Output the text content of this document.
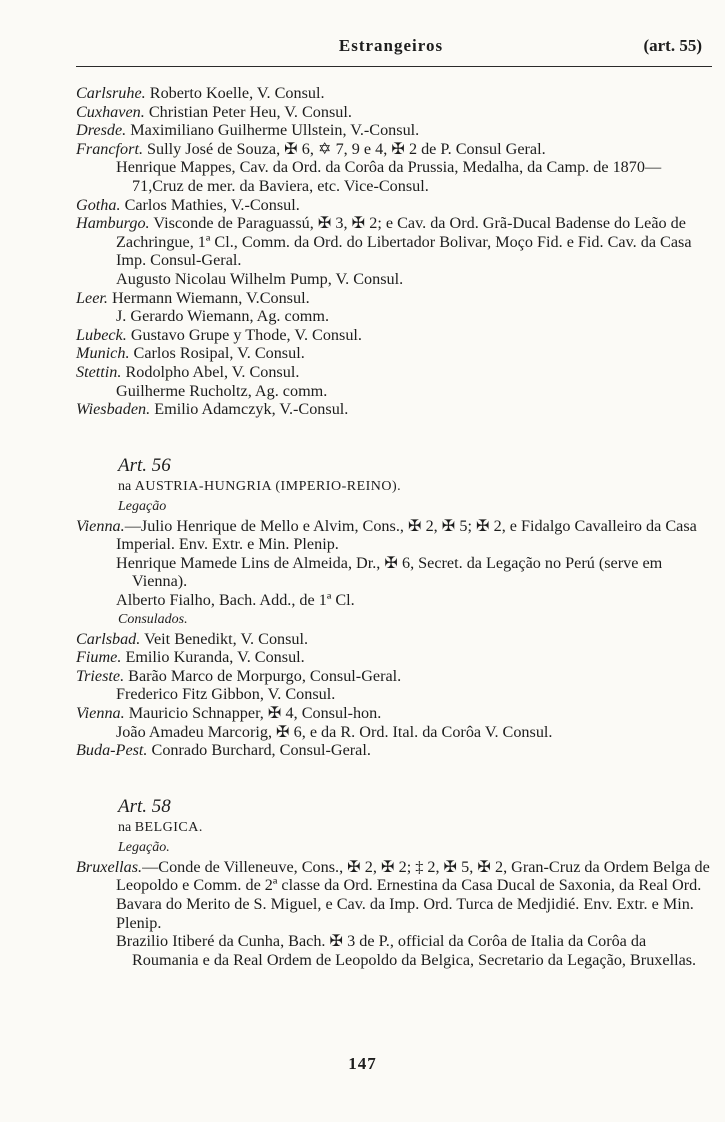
Estrangeiros	(art. 55)
Carlsruhe. Roberto Koelle, V. Consul.
Cuxhaven. Christian Peter Heu, V. Consul.
Dresde. Maximiliano Guilherme Ullstein, V.-Consul.
Francfort. Sully José de Souza, ✠ 6, ✡ 7, 9 e 4, ✠ 2 de P. Consul Geral.
Henrique Mappes, Cav. da Ord. da Corôa da Prussia, Medalha, da Camp. de 1870—71,Cruz de mer. da Baviera, etc. Vice-Consul.
Gotha. Carlos Mathies, V.-Consul.
Hamburgo. Visconde de Paraguassú, ✠ 3, ✠ 2; e Cav. da Ord. Grã-Ducal Badense do Leão de Zachringue, 1ª Cl., Comm. da Ord. do Libertador Bolivar, Moço Fid. e Fid. Cav. da Casa Imp. Consul-Geral.
Augusto Nicolau Wilhelm Pump, V. Consul.
Leer. Hermann Wiemann, V.Consul.
J. Gerardo Wiemann, Ag. comm.
Lubeck. Gustavo Grupe y Thode, V. Consul.
Munich. Carlos Rosipal, V. Consul.
Stettin. Rodolpho Abel, V. Consul.
Guilherme Rucholtz, Ag. comm.
Wiesbaden. Emilio Adamczyk, V.-Consul.
Art. 56
na AUSTRIA-HUNGRIA (IMPERIO-REINO).
Legação
Vienna.—Julio Henrique de Mello e Alvim, Cons., ✠ 2, ✠ 5; ✠ 2, e Fidalgo Cavalleiro da Casa Imperial. Env. Extr. e Min. Plenip.
Henrique Mamede Lins de Almeida, Dr., ✠ 6, Secret. da Legação no Perú (serve em Vienna).
Alberto Fialho, Bach. Add., de 1ª Cl.
Consulados.
Carlsbad. Veit Benedikt, V. Consul.
Fiume. Emilio Kuranda, V. Consul.
Trieste. Barão Marco de Morpurgo, Consul-Geral.
Frederico Fitz Gibbon, V. Consul.
Vienna. Mauricio Schnapper, ✠ 4, Consul-hon.
João Amadeu Marcorig, ✠ 6, e da R. Ord. Ital. da Corôa V. Consul.
Buda-Pest. Conrado Burchard, Consul-Geral.
Art. 58
na BELGICA.
Legação.
Bruxellas.—Conde de Villeneuve, Cons., ✠ 2, ✠ 2; ‡ 2, ✠ 5, ✠ 2, Gran-Cruz da Ordem Belga de Leopoldo e Comm. de 2ª classe da Ord. Ernestina da Casa Ducal de Saxonia, da Real Ord. Bavara do Merito de S. Miguel, e Cav. da Imp. Ord. Turca de Medjidié. Env. Extr. e Min. Plenip.
Brazilio Itiberé da Cunha, Bach. ✠ 3 de P., official da Corôa de Italia da Corôa da Roumania e da Real Ordem de Leopoldo da Belgica, Secretario da Legação, Bruxellas.
147
